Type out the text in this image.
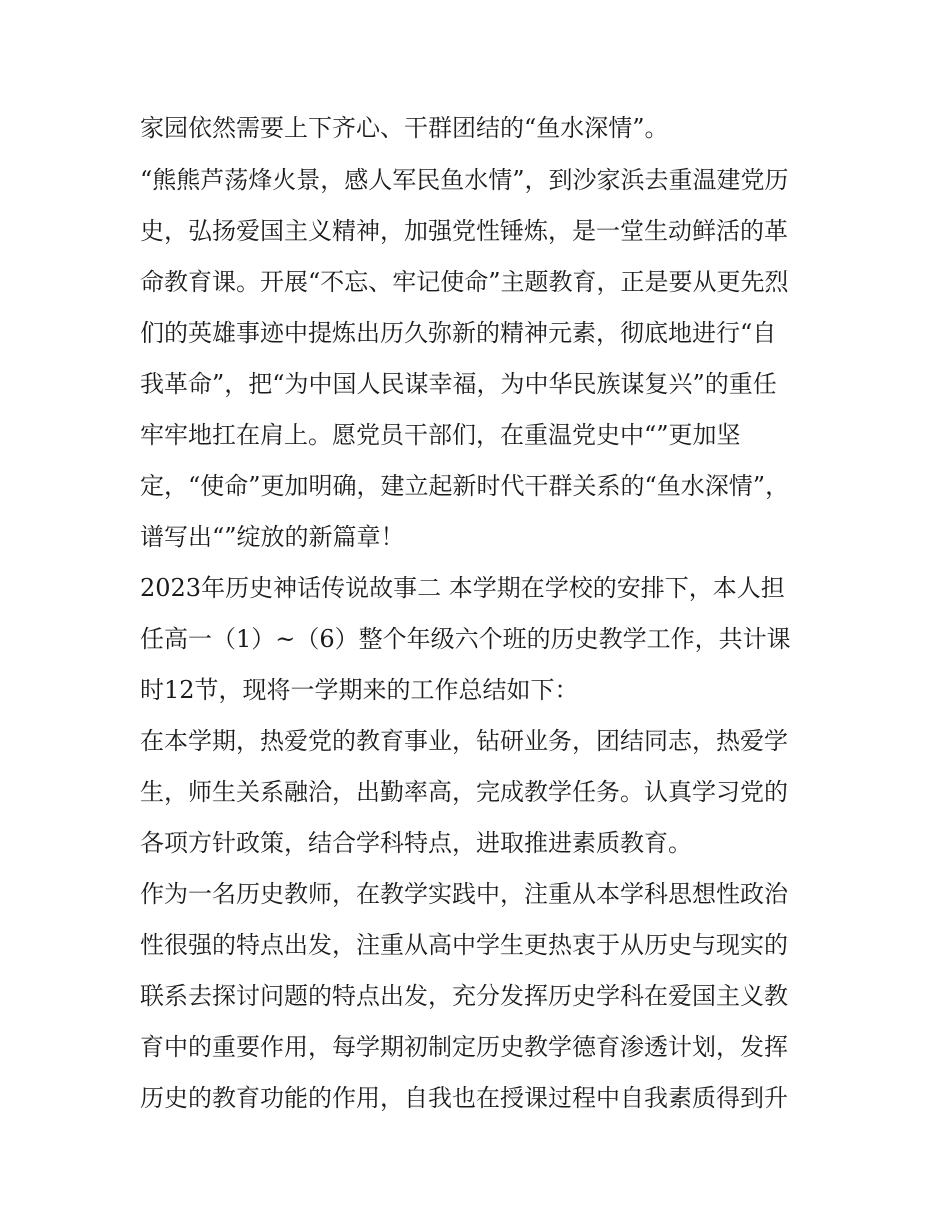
家园依然需要上下齐心、干群团结的“鱼水深情”。
“熊熊芦荡烽火景，感人军民鱼水情”，到沙家浜去重温建党历
史，弘扬爱国主义精神，加强党性锤炼，是一堂生动鲜活的革
命教育课。开展“不忘、牢记使命”主题教育，正是要从更先烈
们的英雄事迹中提炼出历久弥新的精神元素，彻底地进行“自
我革命”，把“为中国人民谋幸福，为中华民族谋复兴”的重任
牢牢地扛在肩上。愿党员干部们，在重温党史中“”更加坚
定，“使命”更加明确，建立起新时代干群关系的“鱼水深情”，
谱写出“”绽放的新篇章！
2023年历史神话传说故事二 本学期在学校的安排下，本人担
任高一（1）~（6）整个年级六个班的历史教学工作，共计课
时12节，现将一学期来的工作总结如下：
在本学期，热爱党的教育事业，钻研业务，团结同志，热爱学
生，师生关系融洽，出勤率高，完成教学任务。认真学习党的
各项方针政策，结合学科特点，进取推进素质教育。
作为一名历史教师，在教学实践中，注重从本学科思想性政治
性很强的特点出发，注重从高中学生更热衷于从历史与现实的
联系去探讨问题的特点出发，充分发挥历史学科在爱国主义教
育中的重要作用，每学期初制定历史教学德育渗透计划，发挥
历史的教育功能的作用，自我也在授课过程中自我素质得到升
